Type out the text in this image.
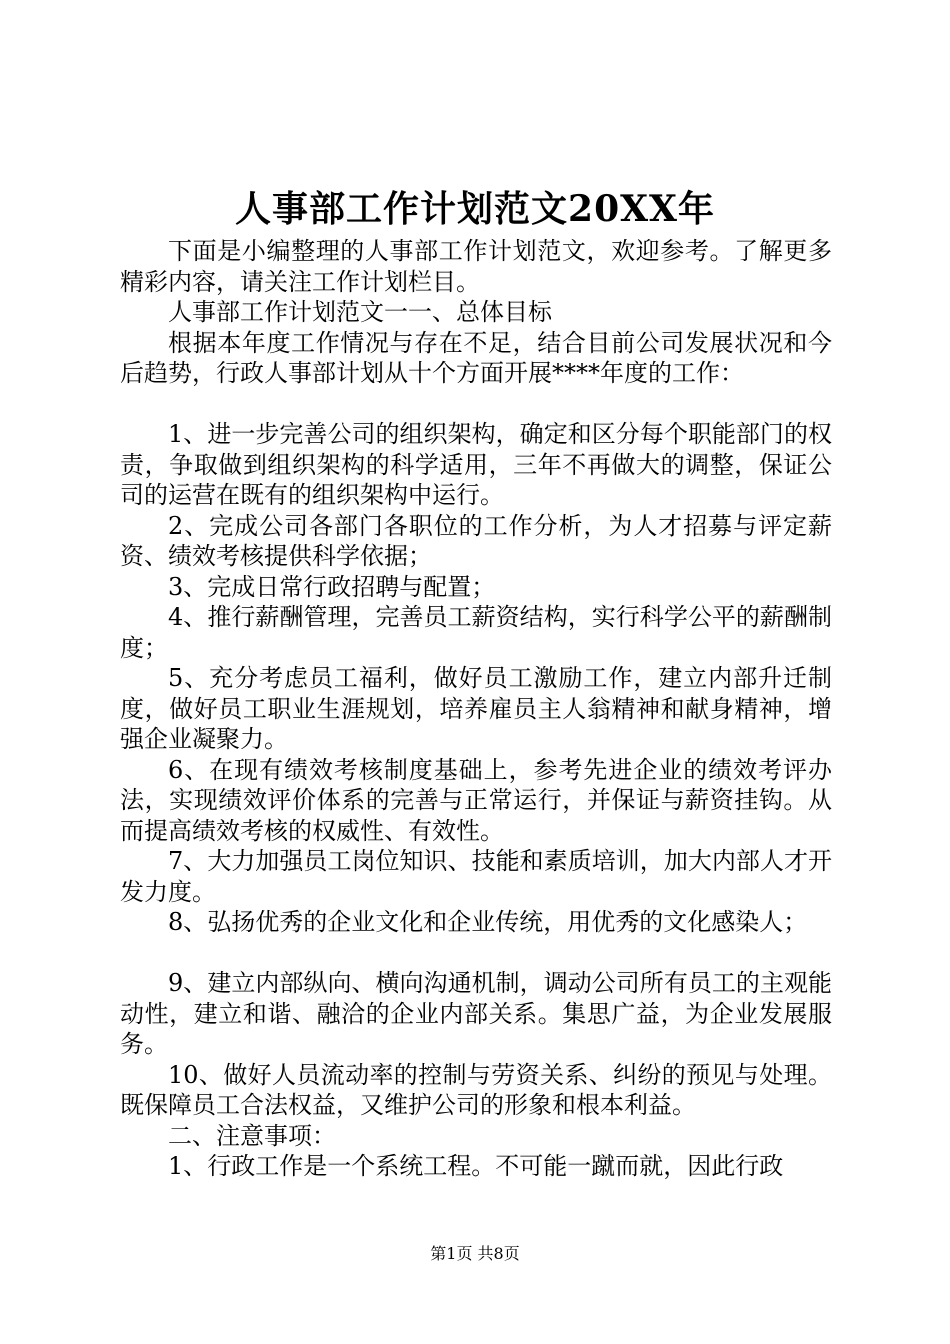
人事部工作计划范文20XX年

下面是小编整理的人事部工作计划范文，欢迎参考。了解更多精彩内容，请关注工作计划栏目。

人事部工作计划范文一一、总体目标

根据本年度工作情况与存在不足，结合目前公司发展状况和今后趋势，行政人事部计划从十个方面开展****年度的工作：

1、进一步完善公司的组织架构，确定和区分每个职能部门的权责，争取做到组织架构的科学适用，三年不再做大的调整，保证公司的运营在既有的组织架构中运行。

2、完成公司各部门各职位的工作分析，为人才招募与评定薪资、绩效考核提供科学依据；

3、完成日常行政招聘与配置；

4、推行薪酬管理，完善员工薪资结构，实行科学公平的薪酬制度；

5、充分考虑员工福利，做好员工激励工作，建立内部升迁制度，做好员工职业生涯规划，培养雇员主人翁精神和献身精神，增强企业凝聚力。

6、在现有绩效考核制度基础上，参考先进企业的绩效考评办法，实现绩效评价体系的完善与正常运行，并保证与薪资挂钩。从而提高绩效考核的权威性、有效性。

7、大力加强员工岗位知识、技能和素质培训，加大内部人才开发力度。

8、弘扬优秀的企业文化和企业传统，用优秀的文化感染人；

9、建立内部纵向、横向沟通机制，调动公司所有员工的主观能动性，建立和谐、融洽的企业内部关系。集思广益，为企业发展服务。

10、做好人员流动率的控制与劳资关系、纠纷的预见与处理。既保障员工合法权益，又维护公司的形象和根本利益。

二、注意事项：

1、行政工作是一个系统工程。不可能一蹴而就，因此行政

第1页 共8页
